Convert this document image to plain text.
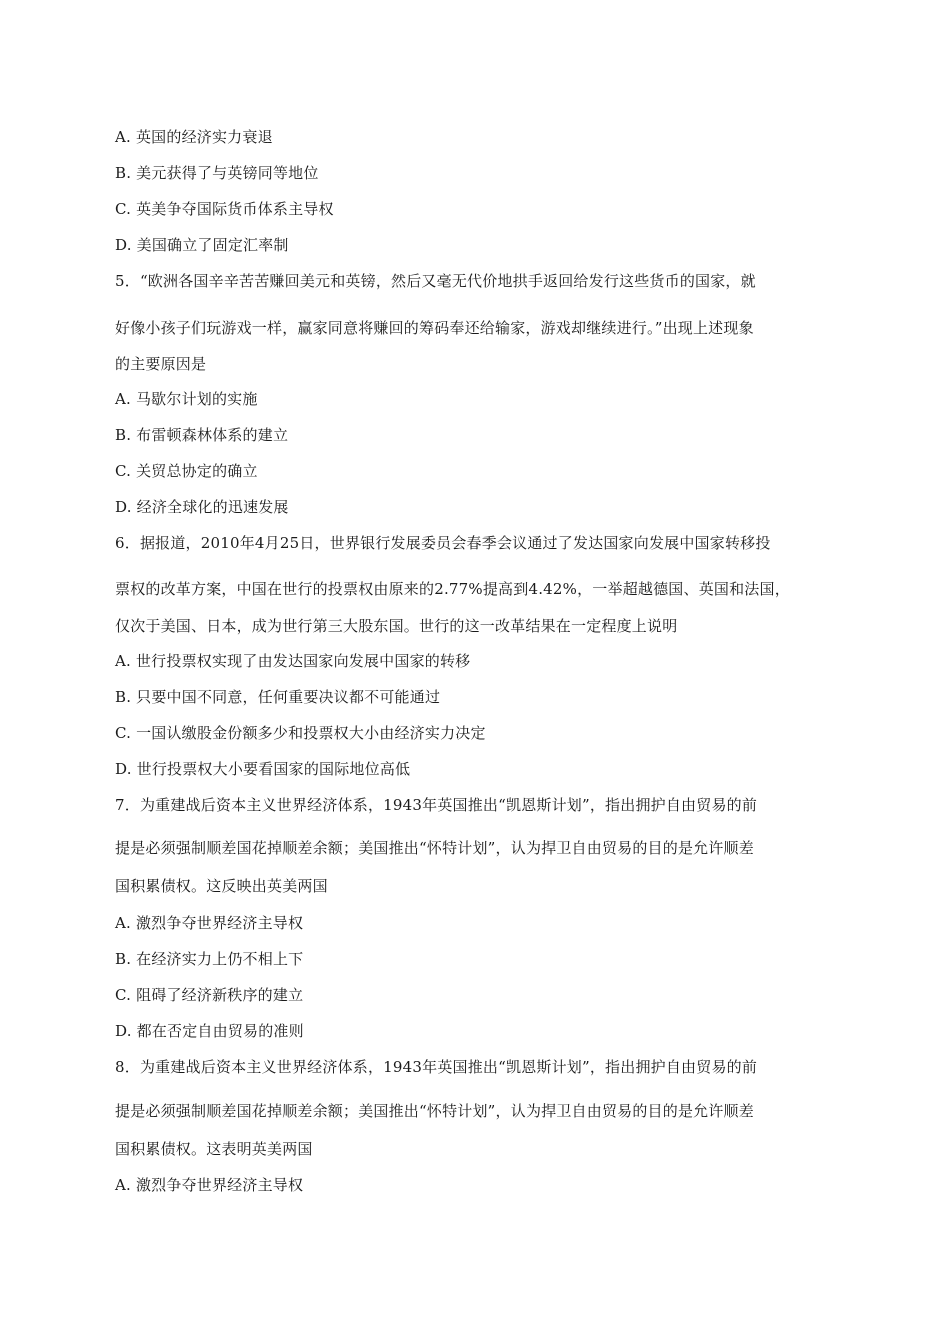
A. 英国的经济实力衰退
B. 美元获得了与英镑同等地位
C. 英美争夺国际货币体系主导权
D. 美国确立了固定汇率制
5．“欧洲各国辛辛苦苦赚回美元和英镑，然后又毫无代价地拱手返回给发行这些货币的国家，就
好像小孩子们玩游戏一样，赢家同意将赚回的筹码奉还给输家，游戏却继续进行。”出现上述现象
的主要原因是
A. 马歇尔计划的实施
B. 布雷顿森林体系的建立
C. 关贸总协定的确立
D. 经济全球化的迅速发展
6．据报道，2010年4月25日，世界银行发展委员会春季会议通过了发达国家向发展中国家转移投
票权的改革方案，中国在世行的投票权由原来的2.77%提高到4.42%，一举超越德国、英国和法国，
仅次于美国、日本，成为世行第三大股东国。世行的这一改革结果在一定程度上说明
A. 世行投票权实现了由发达国家向发展中国家的转移
B. 只要中国不同意，任何重要决议都不可能通过
C. 一国认缴股金份额多少和投票权大小由经济实力决定
D. 世行投票权大小要看国家的国际地位高低
7．为重建战后资本主义世界经济体系，1943年英国推出“凯恩斯计划”，指出拥护自由贸易的前
提是必须强制顺差国花掉顺差余额；美国推出“怀特计划”，认为捍卫自由贸易的目的是允许顺差
国积累债权。这反映出英美两国
A. 激烈争夺世界经济主导权
B. 在经济实力上仍不相上下
C. 阻碍了经济新秩序的建立
D. 都在否定自由贸易的准则
8．为重建战后资本主义世界经济体系，1943年英国推出“凯恩斯计划”，指出拥护自由贸易的前
提是必须强制顺差国花掉顺差余额；美国推出“怀特计划”，认为捍卫自由贸易的目的是允许顺差
国积累债权。这表明英美两国
A. 激烈争夺世界经济主导权
